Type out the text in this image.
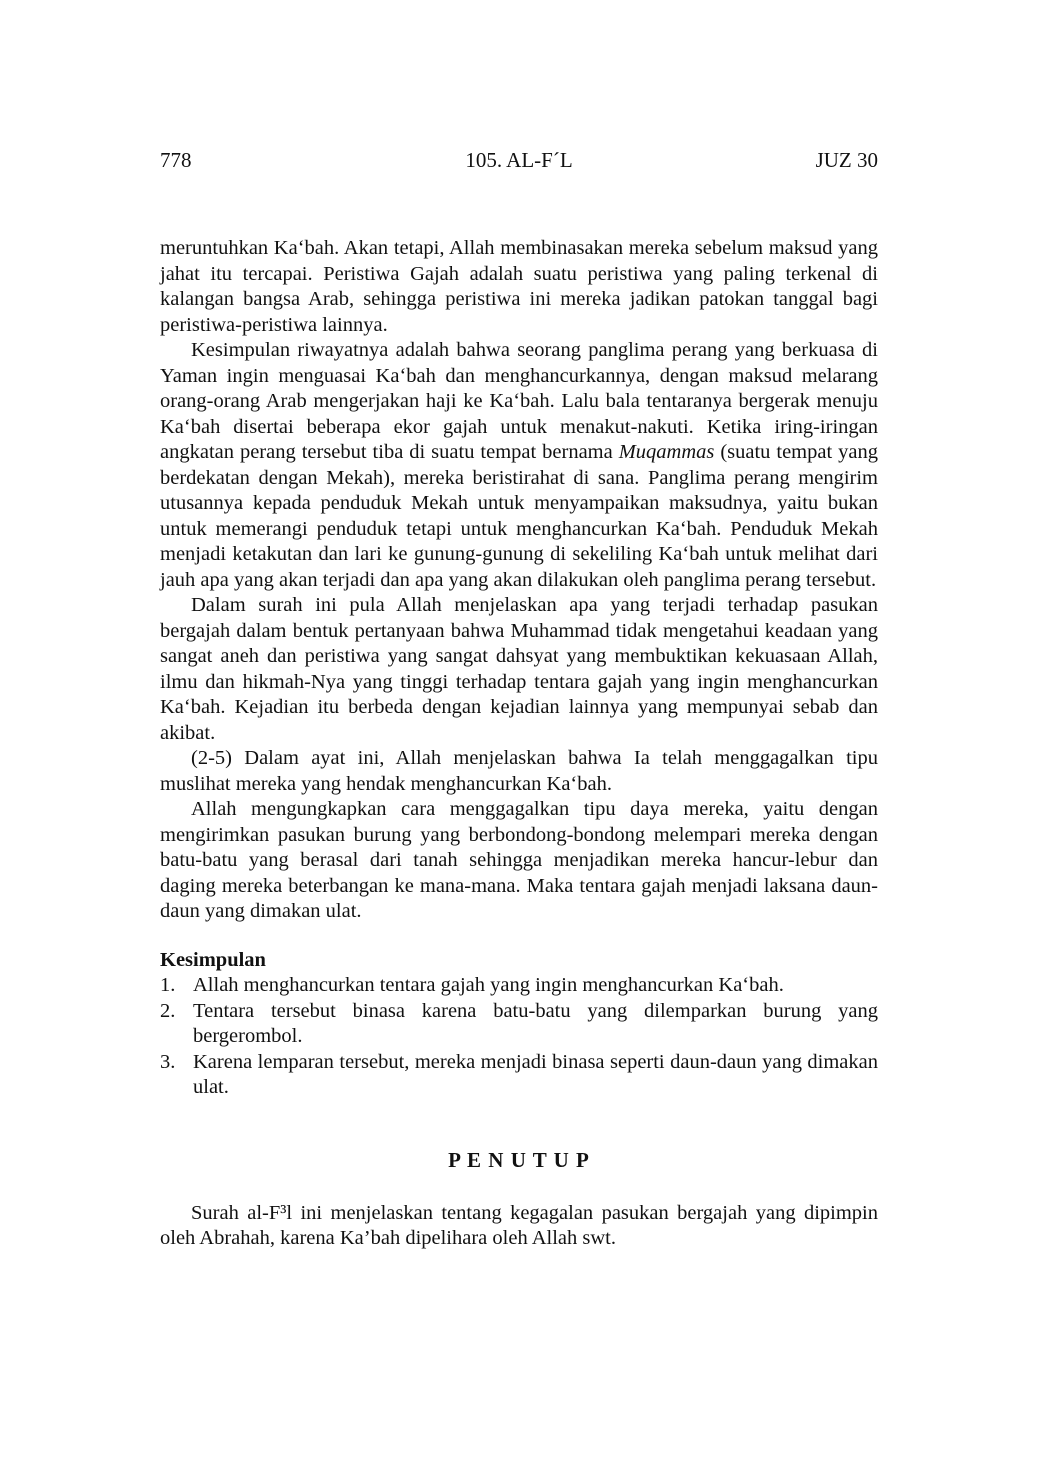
778	105. AL-F´L	JUZ 30

meruntuhkan Ka‘bah. Akan tetapi, Allah membinasakan mereka sebelum maksud yang jahat itu tercapai. Peristiwa Gajah adalah suatu peristiwa yang paling terkenal di kalangan bangsa Arab, sehingga peristiwa ini mereka jadikan patokan tanggal bagi peristiwa-peristiwa lainnya.

Kesimpulan riwayatnya adalah bahwa seorang panglima perang yang berkuasa di Yaman ingin menguasai Ka‘bah dan menghancurkannya, dengan maksud melarang orang-orang Arab mengerjakan haji ke Ka‘bah. Lalu bala tentaranya bergerak menuju Ka‘bah disertai beberapa ekor gajah untuk menakut-nakuti. Ketika iring-iringan angkatan perang tersebut tiba di suatu tempat bernama Muqammas (suatu tempat yang berdekatan dengan Mekah), mereka beristirahat di sana. Panglima perang mengirim utusannya kepada penduduk Mekah untuk menyampaikan maksudnya, yaitu bukan untuk memerangi penduduk tetapi untuk menghancurkan Ka‘bah. Penduduk Mekah menjadi ketakutan dan lari ke gunung-gunung di sekeliling Ka‘bah untuk melihat dari jauh apa yang akan terjadi dan apa yang akan dilakukan oleh panglima perang tersebut.

Dalam surah ini pula Allah menjelaskan apa yang terjadi terhadap pasukan bergajah dalam bentuk pertanyaan bahwa Muhammad tidak mengetahui keadaan yang sangat aneh dan peristiwa yang sangat dahsyat yang membuktikan kekuasaan Allah, ilmu dan hikmah-Nya yang tinggi terhadap tentara gajah yang ingin menghancurkan Ka‘bah. Kejadian itu berbeda dengan kejadian lainnya yang mempunyai sebab dan akibat.

(2-5) Dalam ayat ini, Allah menjelaskan bahwa Ia telah menggagalkan tipu muslihat mereka yang hendak menghancurkan Ka‘bah.

Allah mengungkapkan cara menggagalkan tipu daya mereka, yaitu dengan mengirimkan pasukan burung yang berbondong-bondong melempari mereka dengan batu-batu yang berasal dari tanah sehingga menjadikan mereka hancur-lebur dan daging mereka beterbangan ke mana-mana. Maka tentara gajah menjadi laksana daun-daun yang dimakan ulat.

Kesimpulan
1. Allah menghancurkan tentara gajah yang ingin menghancurkan Ka‘bah.
2. Tentara tersebut binasa karena batu-batu yang dilemparkan burung yang bergerombol.
3. Karena lemparan tersebut, mereka menjadi binasa seperti daun-daun yang dimakan ulat.
P E N U T U P

Surah al-F³l ini menjelaskan tentang kegagalan pasukan bergajah yang dipimpin oleh Abrahah, karena Ka’bah dipelihara oleh Allah swt.
